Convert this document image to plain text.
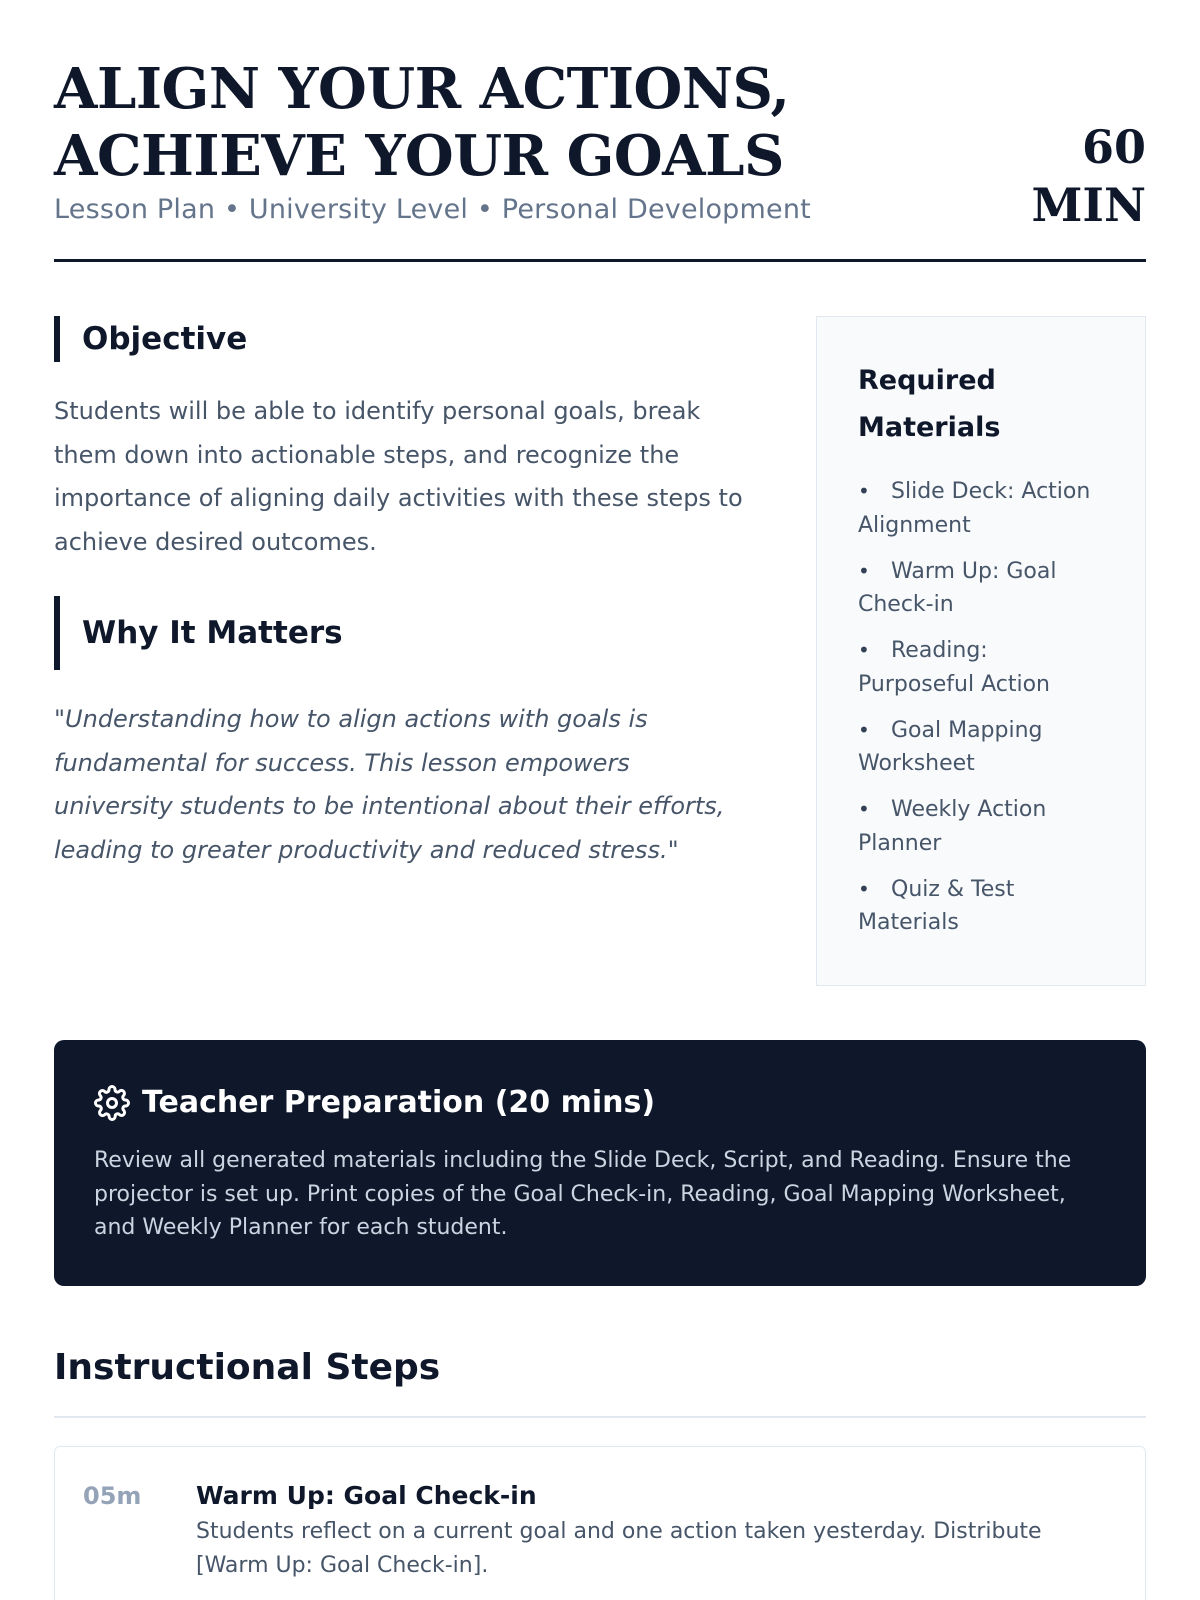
ALIGN YOUR ACTIONS, ACHIEVE YOUR GOALS
Lesson Plan • University Level • Personal Development
60
MIN
Objective

Students will be able to identify personal goals, break them down into actionable steps, and recognize the importance of aligning daily activities with these steps to achieve desired outcomes.

Why It Matters

"Understanding how to align actions with goals is fundamental for success. This lesson empowers university students to be intentional about their efforts, leading to greater productivity and reduced stress."

Required Materials
• Slide Deck: Action Alignment
• Warm Up: Goal Check-in
• Reading: Purposeful Action
• Goal Mapping Worksheet
• Weekly Action Planner
• Quiz & Test Materials
Teacher Preparation (20 mins)

Review all generated materials including the Slide Deck, Script, and Reading. Ensure the projector is set up. Print copies of the Goal Check-in, Reading, Goal Mapping Worksheet, and Weekly Planner for each student.

Instructional Steps
05m	Warm Up: Goal Check-in
Students reflect on a current goal and one action taken yesterday. Distribute [Warm Up: Goal Check-in].
